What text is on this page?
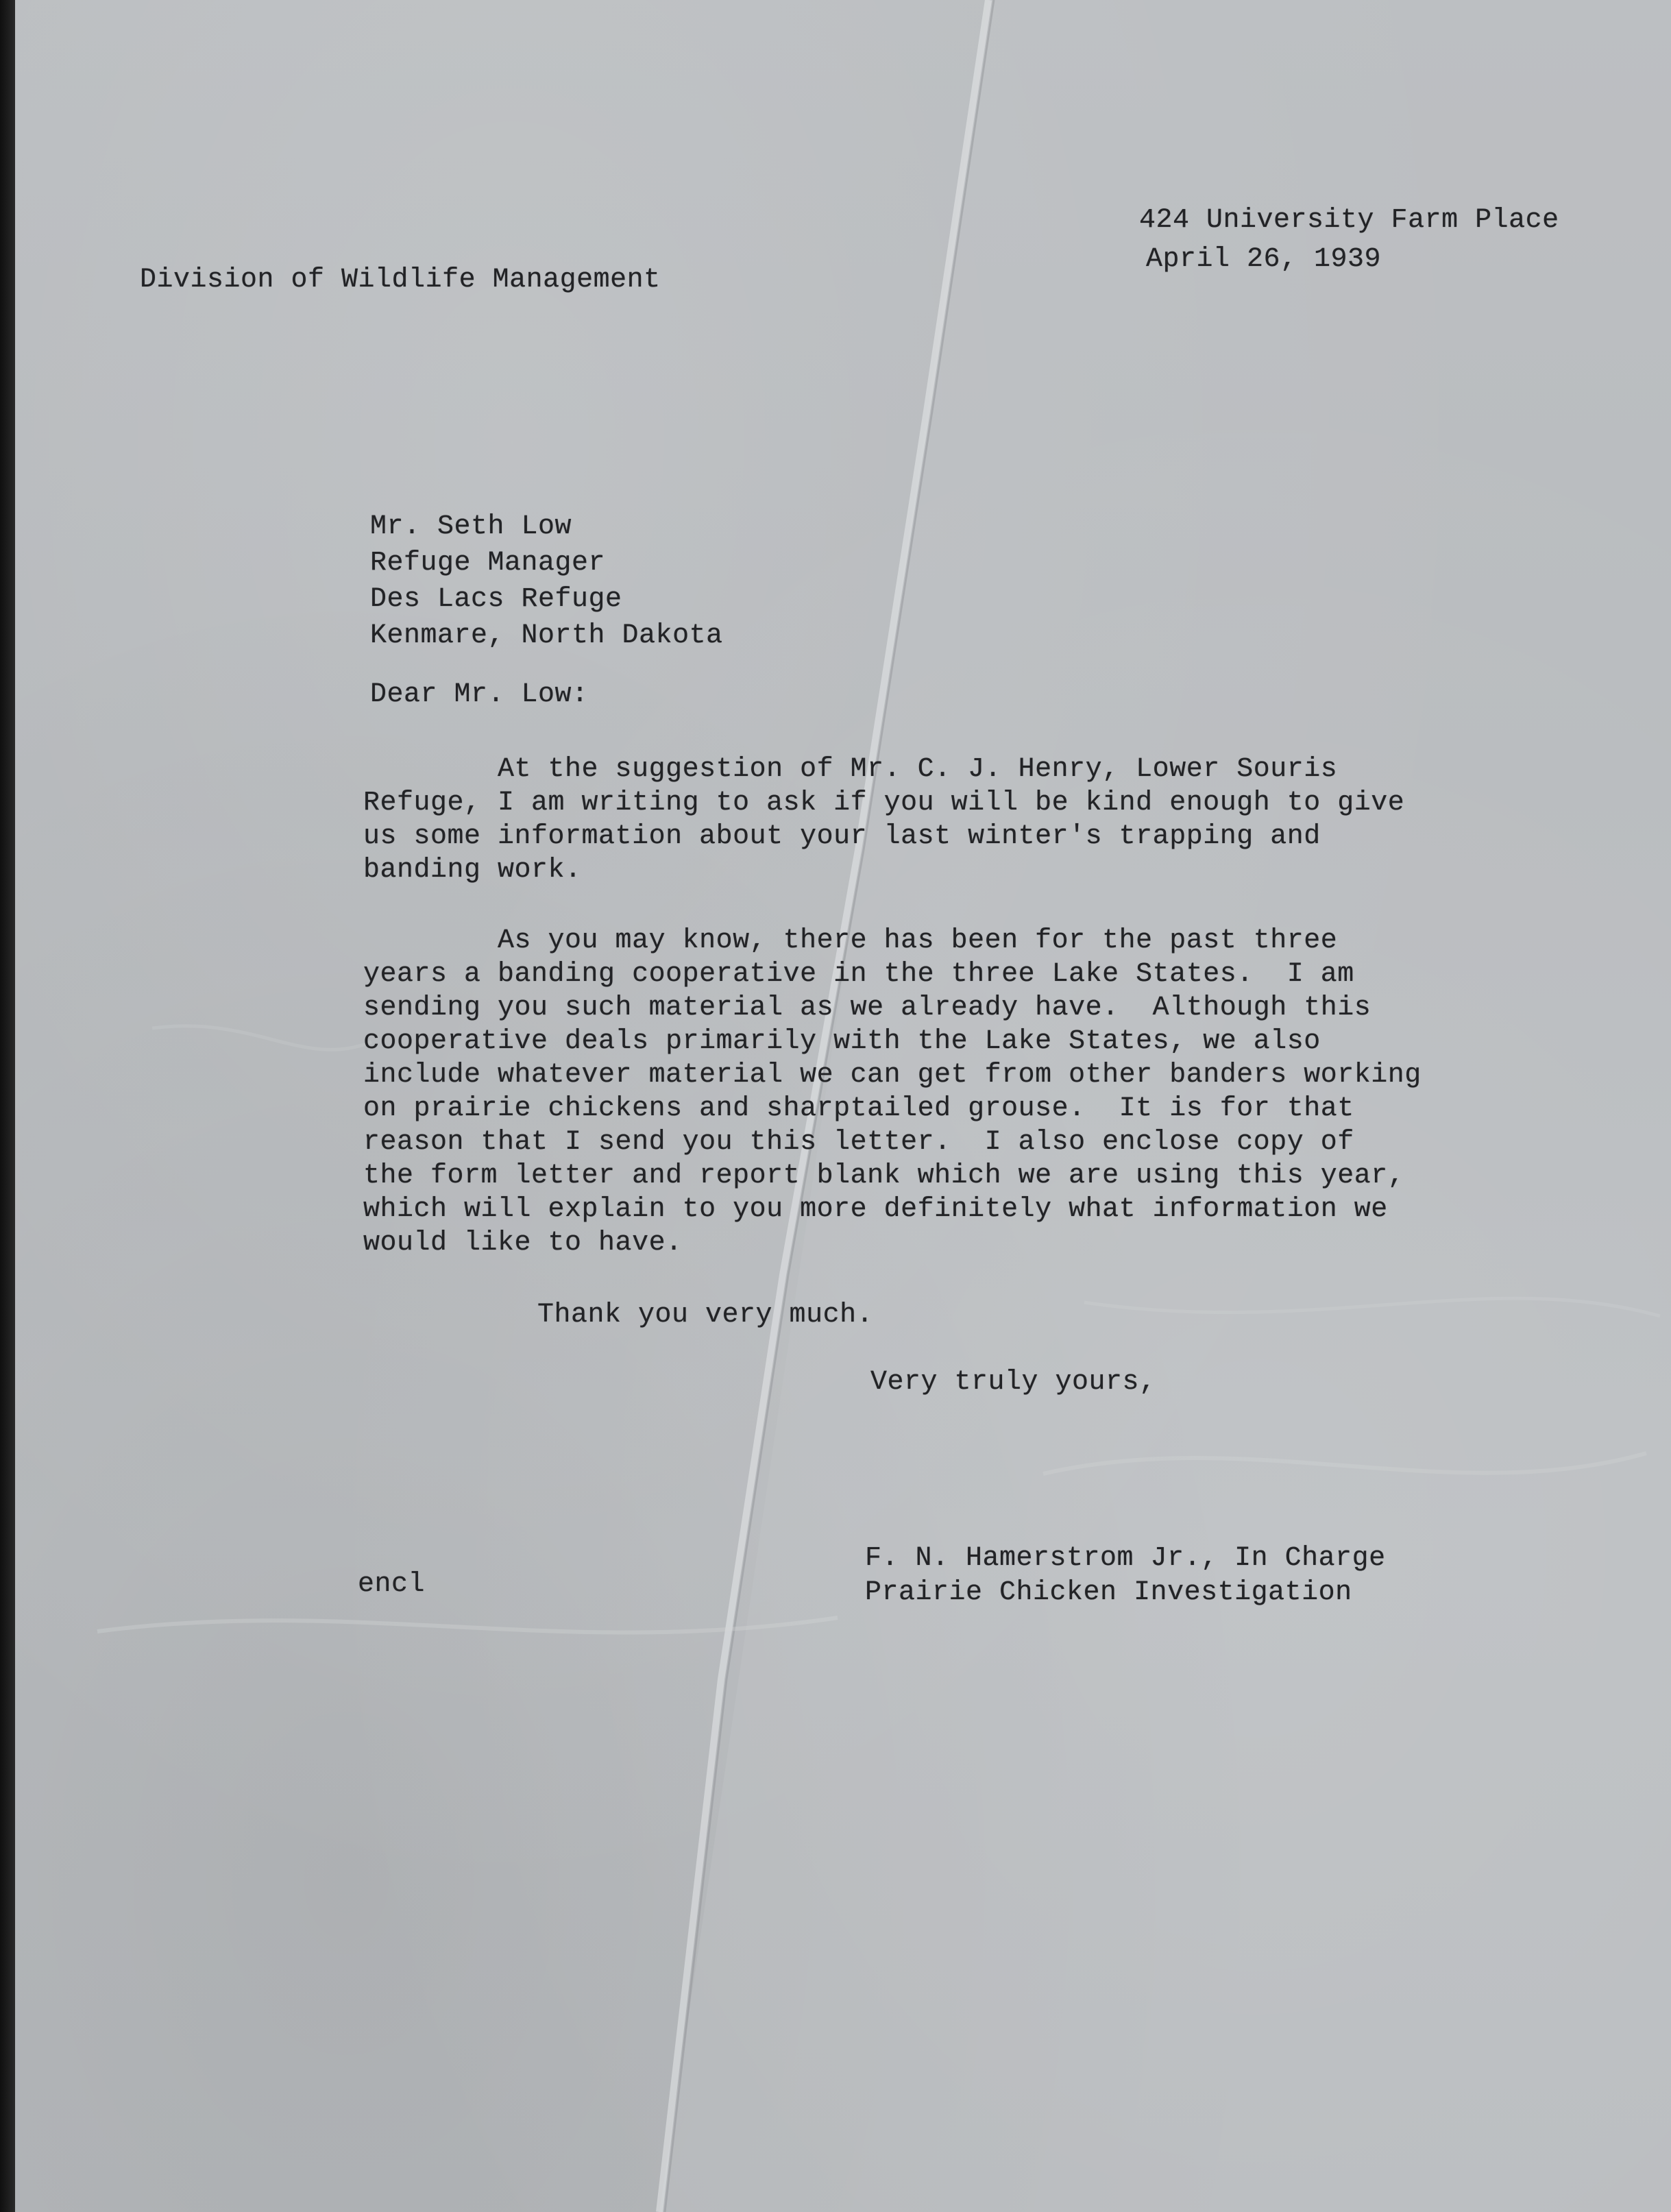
424 University Farm Place
April 26, 1939
Division of Wildlife Management
Mr. Seth Low
Refuge Manager
Des Lacs Refuge
Kenmare, North Dakota
Dear Mr. Low:
At the suggestion of Mr. C. J. Henry, Lower Souris
Refuge, I am writing to ask if you will be kind enough to give
us some information about your last winter's trapping and
banding work.
As you may know, there has been for the past three
years a banding cooperative in the three Lake States.  I am
sending you such material as we already have.  Although this
cooperative deals primarily with the Lake States, we also
include whatever material we can get from other banders working
on prairie chickens and sharptailed grouse.  It is for that
reason that I send you this letter.  I also enclose copy of
the form letter and report blank which we are using this year,
which will explain to you more definitely what information we
would like to have.
Thank you very much.
Very truly yours,
F. N. Hamerstrom Jr., In Charge
Prairie Chicken Investigation
encl
